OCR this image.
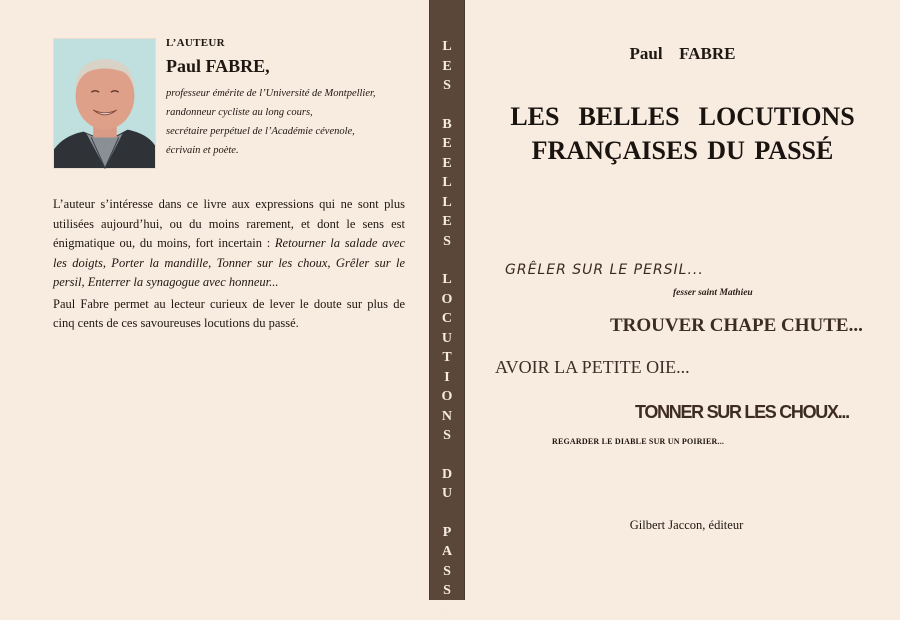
L’AUTEUR
Paul FABRE,
professeur émérite de l’Université de Montpellier,
randonneur cycliste au long cours,
secrétaire perpétuel de l’Académie cévenole,
écrivain et poète.

L’auteur s’intéresse dans ce livre aux expressions qui ne sont plus utilisées aujourd’hui, ou du moins rarement, et dont le sens est énigmatique ou, du moins, fort incertain : Retourner la salade avec les doigts, Porter la mandille, Tonner sur les choux, Grêler sur le persil, Enterrer la synagogue avec honneur...

Paul Fabre permet au lecteur curieux de lever le doute sur plus de cinq cents de ces savoureuses locutions du passé.

L
E
S
B
E
E
L
L
E
S
L
O
C
U
T
I
O
N
S
D
U
P
A
S
S
É
Paul  FABRE
LES  BELLES  LOCUTIONS
FRANÇAISES DU PASSÉ
GRÊLER SUR LE PERSIL...
fesser saint Mathieu
TROUVER CHAPE CHUTE...
AVOIR LA PETITE OIE...
TONNER SUR LES CHOUX...
REGARDER LE DIABLE SUR UN POIRIER...
Gilbert Jaccon, éditeur
